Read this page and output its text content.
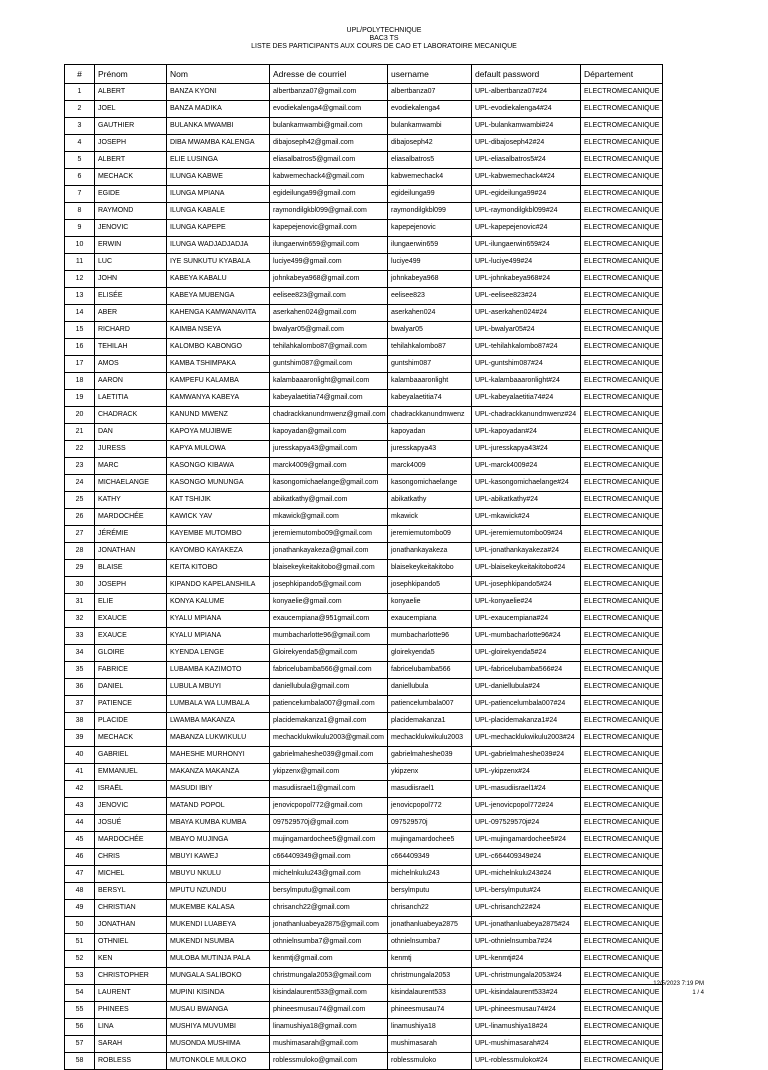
UPL/POLYTECHNIQUE
BAC3 TS
LISTE DES PARTICIPANTS AUX COURS DE CAO ET LABORATOIRE MECANIQUE
#	Prénom	Nom	Adresse de courriel	username	default password	Département
1	ALBERT	BANZA KYONI	albertbanza07@gmail.com	albertbanza07	UPL-albertbanza07#24	ELECTROMECANIQUE
2	JOEL	BANZA MADIKA	evodiekalenga4@gmail.com	evodiekalenga4	UPL-evodiekalenga4#24	ELECTROMECANIQUE
3	GAUTHIER	BULANKA MWAMBI	bulankamwambi@gmail.com	bulankamwambi	UPL-bulankamwambi#24	ELECTROMECANIQUE
4	JOSEPH	DIBA MWAMBA KALENGA	dibajoseph42@gmail.com	dibajoseph42	UPL-dibajoseph42#24	ELECTROMECANIQUE
5	ALBERT	ELIE LUSINGA	eliasalbatros5@gmail.com	eliasalbatros5	UPL-eliasalbatros5#24	ELECTROMECANIQUE
6	MECHACK	ILUNGA KABWE	kabwemechack4@gmail.com	kabwemechack4	UPL-kabwemechack4#24	ELECTROMECANIQUE
7	EGIDE	ILUNGA MPIANA	egideilunga99@gmail.com	egideilunga99	UPL-egideilunga99#24	ELECTROMECANIQUE
8	RAYMOND	ILUNGA KABALE	raymondilgkbl099@gmail.com	raymondilgkbl099	UPL-raymondilgkbl099#24	ELECTROMECANIQUE
9	JENOVIC	ILUNGA KAPEPE	kapepejenovic@gmail.com	kapepejenovic	UPL-kapepejenovic#24	ELECTROMECANIQUE
10	ERWIN	ILUNGA WADJADJADJA	ilungaerwin659@gmail.com	ilungaerwin659	UPL-ilungaerwin659#24	ELECTROMECANIQUE
11	LUC	IYE SUNKUTU KYABALA	luciye499@gmail.com	luciye499	UPL-luciye499#24	ELECTROMECANIQUE
12	JOHN	KABEYA KABALU	johnkabeya968@gmail.com	johnkabeya968	UPL-johnkabeya968#24	ELECTROMECANIQUE
13	ELISÉE	KABEYA MUBENGA	eelisee823@gmail.com	eelisee823	UPL-eelisee823#24	ELECTROMECANIQUE
14	ABER	KAHENGA KAMWANAVITA	aserkahen024@gmail.com	aserkahen024	UPL-aserkahen024#24	ELECTROMECANIQUE
15	RICHARD	KAIMBA NSEYA	bwalyar05@gmail.com	bwalyar05	UPL-bwalyar05#24	ELECTROMECANIQUE
16	TEHILAH	KALOMBO KABONGO	tehilahkalombo87@gmail.com	tehilahkalombo87	UPL-tehilahkalombo87#24	ELECTROMECANIQUE
17	AMOS	KAMBA TSHIMPAKA	guntshim087@gmail.com	guntshim087	UPL-guntshim087#24	ELECTROMECANIQUE
18	AARON	KAMPEFU KALAMBA	kalambaaaronlight@gmail.com	kalambaaaronlight	UPL-kalambaaaronlight#24	ELECTROMECANIQUE
19	LAETITIA	KAMWANYA KABEYA	kabeyalaetitia74@gmail.com	kabeyalaetitia74	UPL-kabeyalaetitia74#24	ELECTROMECANIQUE
20	CHADRACK	KANUND MWENZ	chadrackkanundmwenz@gmail.com	chadrackkanundmwenz	UPL-chadrackkanundmwenz#24	ELECTROMECANIQUE
21	DAN	KAPOYA MUJIBWE	kapoyadan@gmail.com	kapoyadan	UPL-kapoyadan#24	ELECTROMECANIQUE
22	JURESS	KAPYA MULOWA	juresskapya43@gmail.com	juresskapya43	UPL-juresskapya43#24	ELECTROMECANIQUE
23	MARC	KASONGO KIBAWA	marck4009@gmail.com	marck4009	UPL-marck4009#24	ELECTROMECANIQUE
24	MICHAELANGE	KASONGO MUNUNGA	kasongomichaelange@gmail.com	kasongomichaelange	UPL-kasongomichaelange#24	ELECTROMECANIQUE
25	KATHY	KAT TSHIJIK	abikatkathy@gmail.com	abikatkathy	UPL-abikatkathy#24	ELECTROMECANIQUE
26	MARDOCHÉE	KAWICK YAV	mkawick@gmail.com	mkawick	UPL-mkawick#24	ELECTROMECANIQUE
27	JÉRÉMIE	KAYEMBE MUTOMBO	jeremiemutombo09@gmail.com	jeremiemutombo09	UPL-jeremiemutombo09#24	ELECTROMECANIQUE
28	JONATHAN	KAYOMBO KAYAKEZA	jonathankayakeza@gmail.com	jonathankayakeza	UPL-jonathankayakeza#24	ELECTROMECANIQUE
29	BLAISE	KEITA KITOBO	blaisekeykeitakitobo@gmail.com	blaisekeykeitakitobo	UPL-blaisekeykeitakitobo#24	ELECTROMECANIQUE
30	JOSEPH	KIPANDO KAPELANSHILA	josephkipando5@gmail.com	josephkipando5	UPL-josephkipando5#24	ELECTROMECANIQUE
31	ELIE	KONYA KALUME	konyaelie@gmail.com	konyaelie	UPL-konyaelie#24	ELECTROMECANIQUE
32	EXAUCE	KYALU MPIANA	exaucempiana@951gmail.com	exaucempiana	UPL-exaucempiana#24	ELECTROMECANIQUE
33	EXAUCE	KYALU MPIANA	mumbacharlotte96@gmail.com	mumbacharlotte96	UPL-mumbacharlotte96#24	ELECTROMECANIQUE
34	GLOIRE	KYENDA LENGE	Gloirekyenda5@gmail.com	gloirekyenda5	UPL-gloirekyenda5#24	ELECTROMECANIQUE
35	FABRICE	LUBAMBA KAZIMOTO	fabricelubamba566@gmail.com	fabricelubamba566	UPL-fabricelubamba566#24	ELECTROMECANIQUE
36	DANIEL	LUBULA MBUYI	daniellubula@gmail.com	daniellubula	UPL-daniellubula#24	ELECTROMECANIQUE
37	PATIENCE	LUMBALA WA LUMBALA	patiencelumbala007@gmail.com	patiencelumbala007	UPL-patiencelumbala007#24	ELECTROMECANIQUE
38	PLACIDE	LWAMBA MAKANZA	placidemakanza1@gmail.com	placidemakanza1	UPL-placidemakanza1#24	ELECTROMECANIQUE
39	MECHACK	MABANZA LUKWIKULU	mechacklukwikulu2003@gmail.com	mechacklukwikulu2003	UPL-mechacklukwikulu2003#24	ELECTROMECANIQUE
40	GABRIEL	MAHESHE MURHONYI	gabrielmaheshe039@gmail.com	gabrielmaheshe039	UPL-gabrielmaheshe039#24	ELECTROMECANIQUE
41	EMMANUEL	MAKANZA MAKANZA	ykipzenx@gmail.com	ykipzenx	UPL-ykipzenx#24	ELECTROMECANIQUE
42	ISRAËL	MASUDI IBIY	masudiisrael1@gmail.com	masudiisrael1	UPL-masudiisrael1#24	ELECTROMECANIQUE
43	JENOVIC	MATAND POPOL	jenovicpopol772@gmail.com	jenovicpopol772	UPL-jenovicpopol772#24	ELECTROMECANIQUE
44	JOSUÉ	MBAYA KUMBA KUMBA	097529570j@gmail.com	097529570j	UPL-097529570j#24	ELECTROMECANIQUE
45	MARDOCHÉE	MBAYO MUJINGA	mujingamardochee5@gmail.com	mujingamardochee5	UPL-mujingamardochee5#24	ELECTROMECANIQUE
46	CHRIS	MBUYI KAWEJ	c664409349@gmail.com	c664409349	UPL-c664409349#24	ELECTROMECANIQUE
47	MICHEL	MBUYU NKULU	michelnkulu243@gmail.com	michelnkulu243	UPL-michelnkulu243#24	ELECTROMECANIQUE
48	BERSYL	MPUTU NZUNDU	bersylmputu@gmail.com	bersylmputu	UPL-bersylmputu#24	ELECTROMECANIQUE
49	CHRISTIAN	MUKEMBE KALASA	chrisanch22@gmail.com	chrisanch22	UPL-chrisanch22#24	ELECTROMECANIQUE
50	JONATHAN	MUKENDI LUABEYA	jonathanluabeya2875@gmail.com	jonathanluabeya2875	UPL-jonathanluabeya2875#24	ELECTROMECANIQUE
51	OTHNIEL	MUKENDI NSUMBA	othnielnsumba7@gmail.com	othnielnsumba7	UPL-othnielnsumba7#24	ELECTROMECANIQUE
52	KEN	MULOBA MUTINJA PALA	kenmtj@gmail.com	kenmtj	UPL-kenmtj#24	ELECTROMECANIQUE
53	CHRISTOPHER	MUNGALA SALIBOKO	christmungala2053@gmail.com	christmungala2053	UPL-christmungala2053#24	ELECTROMECANIQUE
54	LAURENT	MUPINI KISINDA	kisindalaurent533@gmail.com	kisindalaurent533	UPL-kisindalaurent533#24	ELECTROMECANIQUE
55	PHINEES	MUSAU BWANGA	phineesmusau74@gmail.com	phineesmusau74	UPL-phineesmusau74#24	ELECTROMECANIQUE
56	LINA	MUSHIYA MUVUMBI	linamushiya18@gmail.com	linamushiya18	UPL-linamushiya18#24	ELECTROMECANIQUE
57	SARAH	MUSONDA MUSHIMA	mushimasarah@gmail.com	mushimasarah	UPL-mushimasarah#24	ELECTROMECANIQUE
58	ROBLESS	MUTONKOLE MULOKO	roblessmuloko@gmail.com	roblessmuloko	UPL-roblessmuloko#24	ELECTROMECANIQUE
12/5/2023 7:19 PM
1 / 4
